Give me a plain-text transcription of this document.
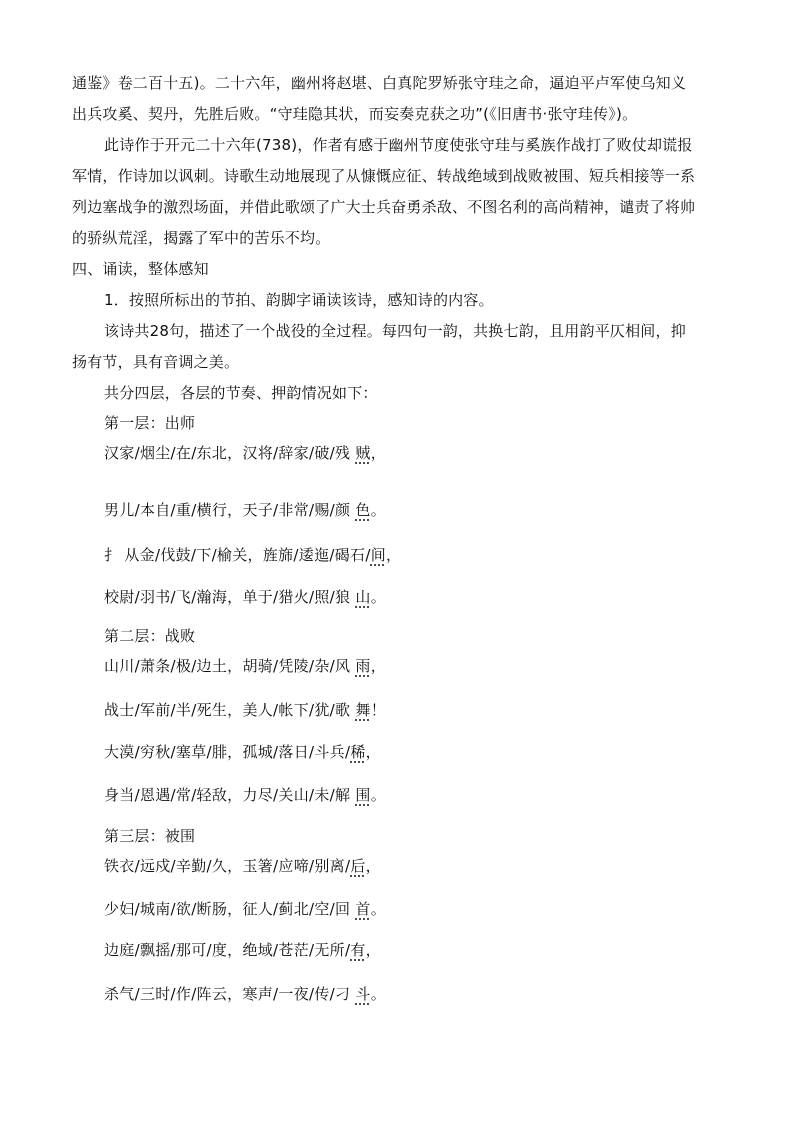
通鉴》卷二百十五)。二十六年，幽州将赵堪、白真陀罗矫张守珪之命，逼迫平卢军使乌知义
出兵攻奚、契丹，先胜后败。“守珪隐其状，而妄奏克获之功”(《旧唐书·张守珪传》)。
此诗作于开元二十六年(738)，作者有感于幽州节度使张守珪与奚族作战打了败仗却谎报
军情，作诗加以讽刺。诗歌生动地展现了从慷慨应征、转战绝域到战败被围、短兵相接等一系
列边塞战争的激烈场面，并借此歌颂了广大士兵奋勇杀敌、不图名利的高尚精神，谴责了将帅
的骄纵荒淫，揭露了军中的苦乐不均。
四、诵读，整体感知
1．按照所标出的节拍、韵脚字诵读该诗，感知诗的内容。
该诗共28句，描述了一个战役的全过程。每四句一韵，共换七韵，且用韵平仄相间，抑
扬有节，具有音调之美。
共分四层，各层的节奏、押韵情况如下：
第一层：出师
汉家/烟尘/在/东北，汉将/辞家/破/残 贼，
男儿/本自/重/横行，天子/非常/赐/颜 色。
扌 从金/伐鼓/下/榆关，旌旆/逶迤/碣石/间，
校尉/羽书/飞/瀚海，单于/猎火/照/狼 山。
第二层：战败
山川/萧条/极/边土，胡骑/凭陵/杂/风 雨，
战士/军前/半/死生，美人/帐下/犹/歌 舞！
大漠/穷秋/塞草/腓，孤城/落日/斗兵/稀，
身当/恩遇/常/轻敌，力尽/关山/未/解 围。
第三层：被围
铁衣/远戍/辛勤/久，玉箸/应啼/别离/后，
少妇/城南/欲/断肠，征人/蓟北/空/回 首。
边庭/飘摇/那可/度，绝域/苍茫/无所/有，
杀气/三时/作/阵云，寒声/一夜/传/刁 斗。
